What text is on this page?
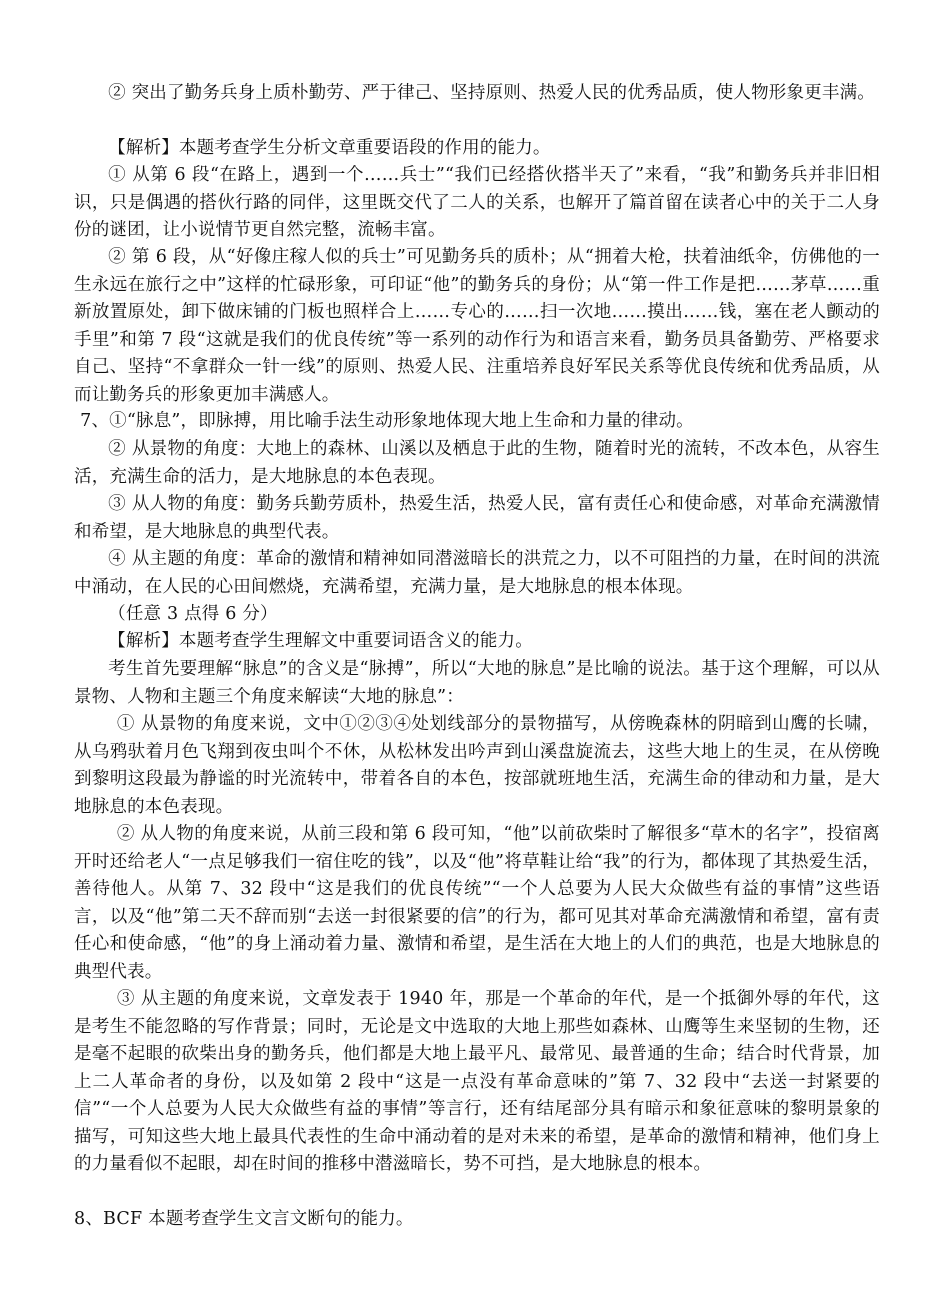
② 突出了勤务兵身上质朴勤劳、严于律己、坚持原则、热爱人民的优秀品质，使人物形象更丰满。

【解析】本题考查学生分析文章重要语段的作用的能力。

① 从第 6 段“在路上，遇到一个……兵士”“我们已经搭伙搭半天了”来看，“我”和勤务兵并非旧相识，只是偶遇的搭伙行路的同伴，这里既交代了二人的关系，也解开了篇首留在读者心中的关于二人身份的谜团，让小说情节更自然完整，流畅丰富。

② 第 6 段，从“好像庄稼人似的兵士”可见勤务兵的质朴；从“拥着大枪，扶着油纸伞，仿佛他的一生永远在旅行之中”这样的忙碌形象，可印证“他”的勤务兵的身份；从“第一件工作是把……茅草……重新放置原处，卸下做床铺的门板也照样合上……专心的……扫一次地……摸出……钱，塞在老人颤动的手里”和第 7 段“这就是我们的优良传统”等一系列的动作行为和语言来看，勤务员具备勤劳、严格要求自己、坚持“不拿群众一针一线”的原则、热爱人民、注重培养良好军民关系等优良传统和优秀品质，从而让勤务兵的形象更加丰满感人。

7、①“脉息”，即脉搏，用比喻手法生动形象地体现大地上生命和力量的律动。

② 从景物的角度：大地上的森林、山溪以及栖息于此的生物，随着时光的流转，不改本色，从容生活，充满生命的活力，是大地脉息的本色表现。

③ 从人物的角度：勤务兵勤劳质朴，热爱生活，热爱人民，富有责任心和使命感，对革命充满激情和希望，是大地脉息的典型代表。

④ 从主题的角度：革命的激情和精神如同潜滋暗长的洪荒之力，以不可阻挡的力量，在时间的洪流中涌动，在人民的心田间燃烧，充满希望，充满力量，是大地脉息的根本体现。

（任意 3 点得 6 分）

【解析】本题考查学生理解文中重要词语含义的能力。

考生首先要理解“脉息”的含义是“脉搏”，所以“大地的脉息”是比喻的说法。基于这个理解，可以从景物、人物和主题三个角度来解读“大地的脉息”：

① 从景物的角度来说，文中①②③④处划线部分的景物描写，从傍晚森林的阴暗到山鹰的长啸，从乌鸦驮着月色飞翔到夜虫叫个不休，从松林发出吟声到山溪盘旋流去，这些大地上的生灵，在从傍晚到黎明这段最为静谧的时光流转中，带着各自的本色，按部就班地生活，充满生命的律动和力量，是大地脉息的本色表现。

② 从人物的角度来说，从前三段和第 6 段可知，“他”以前砍柴时了解很多“草木的名字”，投宿离开时还给老人“一点足够我们一宿住吃的钱”，以及“他”将草鞋让给“我”的行为，都体现了其热爱生活，善待他人。从第 7、32 段中“这是我们的优良传统”“一个人总要为人民大众做些有益的事情”这些语言，以及“他”第二天不辞而别“去送一封很紧要的信”的行为，都可见其对革命充满激情和希望，富有责任心和使命感，“他”的身上涌动着力量、激情和希望，是生活在大地上的人们的典范，也是大地脉息的典型代表。

③ 从主题的角度来说，文章发表于 1940 年，那是一个革命的年代，是一个抵御外辱的年代，这是考生不能忽略的写作背景；同时，无论是文中选取的大地上那些如森林、山鹰等生来坚韧的生物，还是毫不起眼的砍柴出身的勤务兵，他们都是大地上最平凡、最常见、最普通的生命；结合时代背景，加上二人革命者的身份，以及如第 2 段中“这是一点没有革命意味的”第 7、32 段中“去送一封紧要的信”“一个人总要为人民大众做些有益的事情”等言行，还有结尾部分具有暗示和象征意味的黎明景象的描写，可知这些大地上最具代表性的生命中涌动着的是对未来的希望，是革命的激情和精神，他们身上的力量看似不起眼，却在时间的推移中潜滋暗长，势不可挡，是大地脉息的根本。

8、BCF 本题考查学生文言文断句的能力。
